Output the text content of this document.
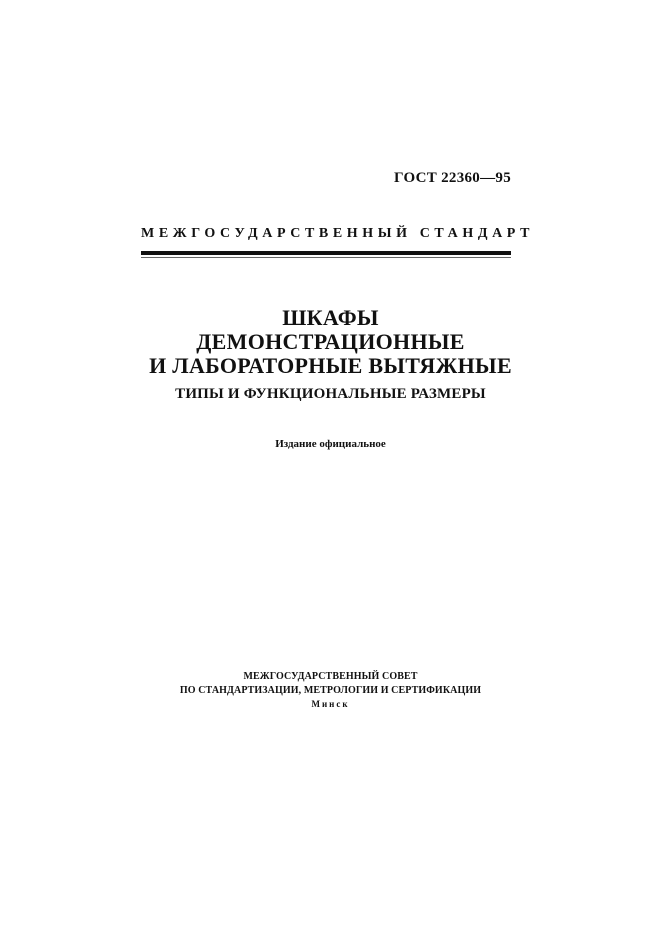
ГОСТ 22360—95
МЕЖГОСУДАРСТВЕННЫЙ СТАНДАРТ
ШКАФЫ
ДЕМОНСТРАЦИОННЫЕ
И ЛАБОРАТОРНЫЕ ВЫТЯЖНЫЕ
ТИПЫ И ФУНКЦИОНАЛЬНЫЕ РАЗМЕРЫ
Издание официальное
МЕЖГОСУДАРСТВЕННЫЙ СОВЕТ
ПО СТАНДАРТИЗАЦИИ, МЕТРОЛОГИИ И СЕРТИФИКАЦИИ
Минск
